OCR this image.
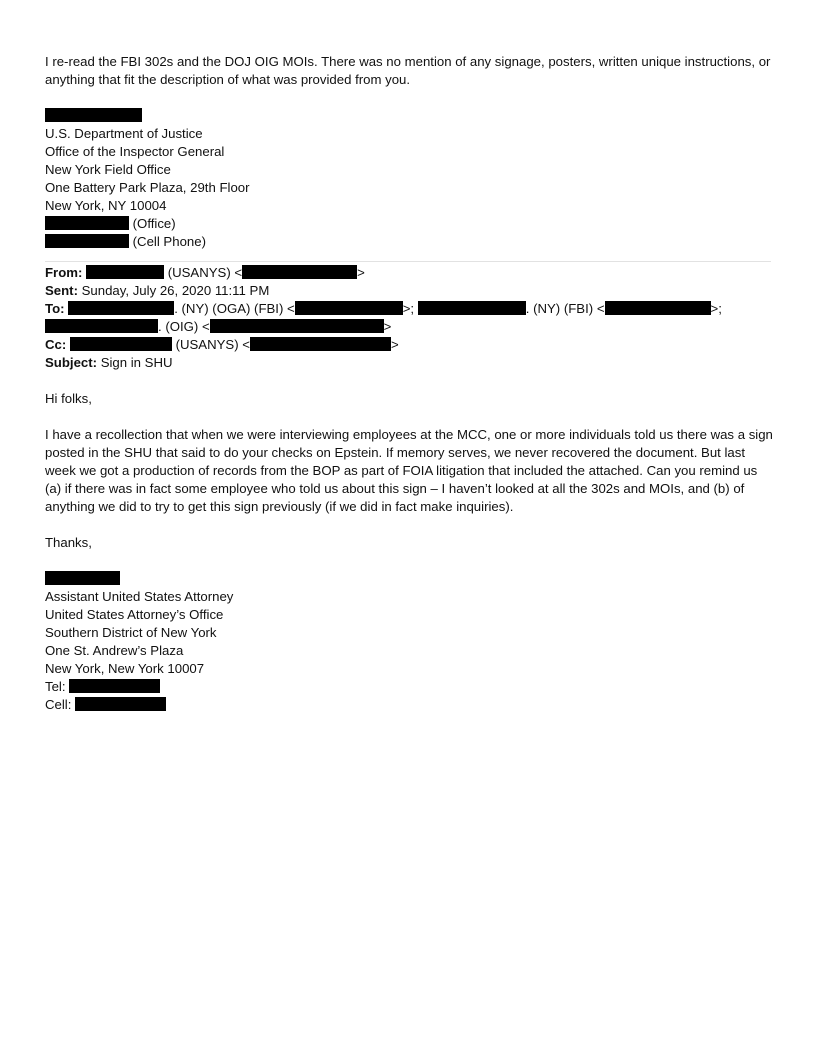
I re-read the FBI 302s and the DOJ OIG MOIs. There was no mention of any signage, posters, written unique instructions, or anything that fit the description of what was provided from you.
U.S. Department of Justice
Office of the Inspector General
New York Field Office
One Battery Park Plaza, 29th Floor
New York, NY 10004
(Office)
(Cell Phone)
From:	(USANYS) <	>
Sent: Sunday, July 26, 2020 11:11 PM
To:	. (NY) (OGA) (FBI) <	>;	. (NY) (FBI) <	>;
. (OIG) <	>
Cc:	(USANYS) <	>
Subject: Sign in SHU
Hi folks,
I have a recollection that when we were interviewing employees at the MCC, one or more individuals told us there was a sign posted in the SHU that said to do your checks on Epstein. If memory serves, we never recovered the document. But last week we got a production of records from the BOP as part of FOIA litigation that included the attached. Can you remind us (a) if there was in fact some employee who told us about this sign – I haven’t looked at all the 302s and MOIs, and (b) of anything we did to try to get this sign previously (if we did in fact make inquiries).
Thanks,
Assistant United States Attorney
United States Attorney’s Office
Southern District of New York
One St. Andrew’s Plaza
New York, New York 10007
Tel:
Cell:
